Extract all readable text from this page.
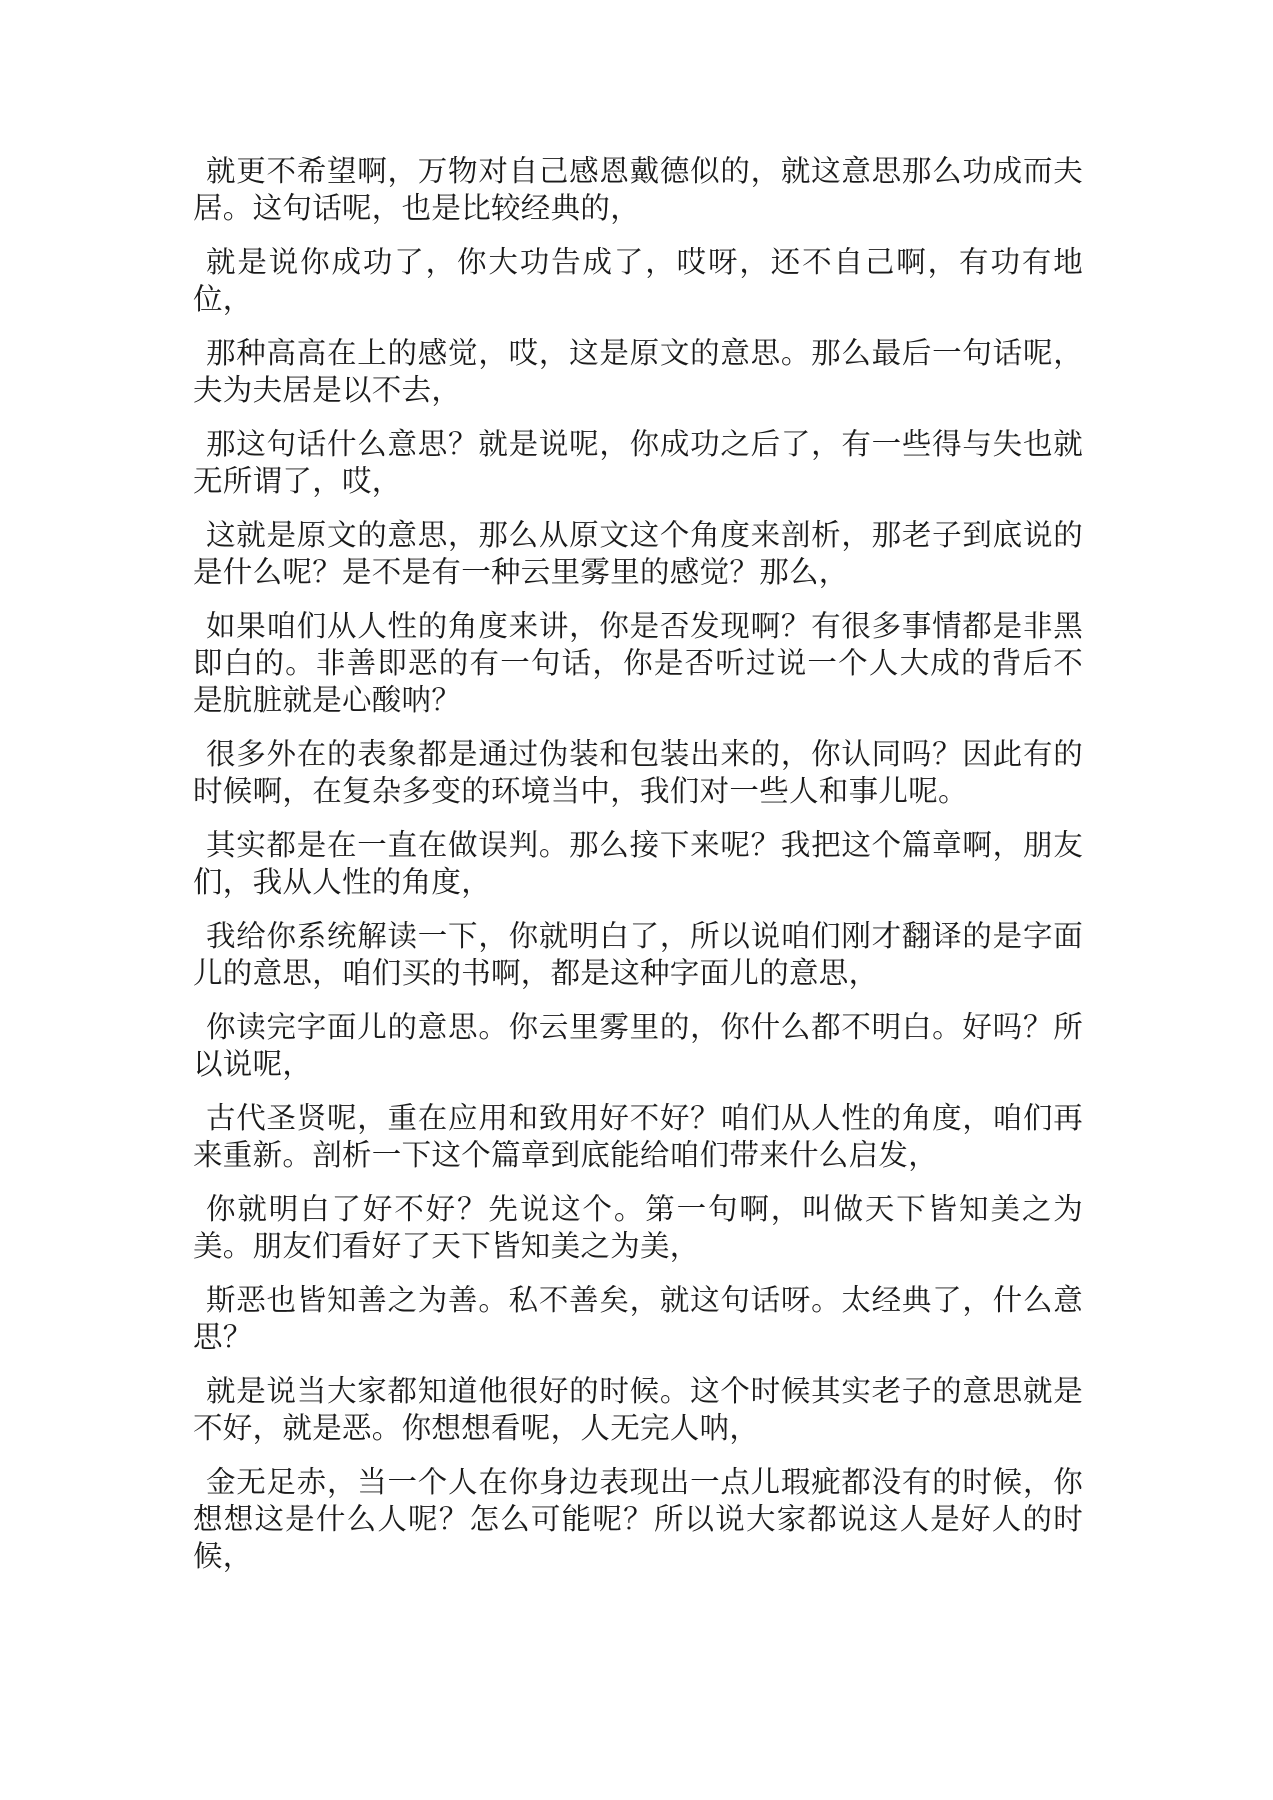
就更不希望啊，万物对自己感恩戴德似的，就这意思那么功成而夫居。这句话呢，也是比较经典的，

就是说你成功了，你大功告成了，哎呀，还不自己啊，有功有地位，

那种高高在上的感觉，哎，这是原文的意思。那么最后一句话呢，夫为夫居是以不去，

那这句话什么意思？就是说呢，你成功之后了，有一些得与失也就无所谓了，哎，

这就是原文的意思，那么从原文这个角度来剖析，那老子到底说的是什么呢？是不是有一种云里雾里的感觉？那么，

如果咱们从人性的角度来讲，你是否发现啊？有很多事情都是非黑即白的。非善即恶的有一句话，你是否听过说一个人大成的背后不是肮脏就是心酸呐？

很多外在的表象都是通过伪装和包装出来的，你认同吗？因此有的时候啊，在复杂多变的环境当中，我们对一些人和事儿呢。

其实都是在一直在做误判。那么接下来呢？我把这个篇章啊，朋友们，我从人性的角度，

我给你系统解读一下，你就明白了，所以说咱们刚才翻译的是字面儿的意思，咱们买的书啊，都是这种字面儿的意思，

你读完字面儿的意思。你云里雾里的，你什么都不明白。好吗？所以说呢，

古代圣贤呢，重在应用和致用好不好？咱们从人性的角度，咱们再来重新。剖析一下这个篇章到底能给咱们带来什么启发，

你就明白了好不好？先说这个。第一句啊，叫做天下皆知美之为美。朋友们看好了天下皆知美之为美，

斯恶也皆知善之为善。私不善矣，就这句话呀。太经典了，什么意思？

就是说当大家都知道他很好的时候。这个时候其实老子的意思就是不好，就是恶。你想想看呢，人无完人呐，

金无足赤，当一个人在你身边表现出一点儿瑕疵都没有的时候，你想想这是什么人呢？怎么可能呢？所以说大家都说这人是好人的时候，
